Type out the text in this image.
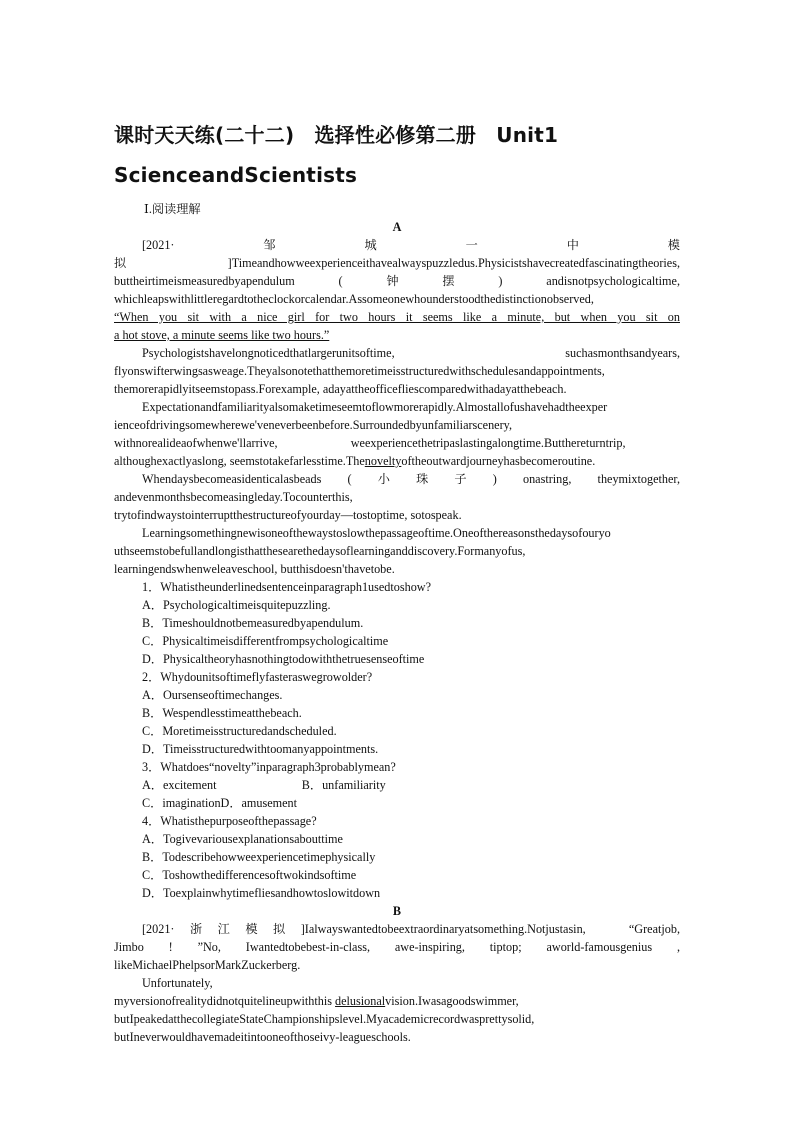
课时天天练(二十二)　选择性必修第二册　Unit1
ScienceandScientists
Ⅰ.阅读理解
A
[2021·　　　　邹　　　　城　　　　一　　　　中　　　　模
拟　　]Timeandhowweexperiencеithavealwayspuzzledus.Physicistshavecreatedfascinatingtheories,
buttheirtimeismeasuredbyapendulum　　(　　钟　　摆　　)　　andisnotpsychologicaltime,
whichleapswithlittleregardtotheclockorcalendar.Assomeonewhounderstoodthedistinctionobserved,
“When you sit with a nice girl for two hours it seems like a minute, but when you sit on
a hot stove, a minute seems like two hours.”
Psychologistshavelongnoticedthatlargerunitsoftime,　　　　　　　　suchasmonthsandyears,
flyonswifterwingsasweage.Theyalsonotethatthemoretimeisstructuredwithschedulesandappointments,
themorerapidlyitseemstopass.Forexample, adayattheofficefliescomparedwithadayatthebeach.
Expectationandfamiliarityalsomaketimeseemtoflowmorerapidly.Almostallofushavehadtheexper
ienceofdrivingsomewherewe'veneverbeenbefore.Surroundedbyunfamiliarscenery,
withnorealideaofwhenwe'llarrive,　　　　　　weexperiencethetripaslastingalongtime.Butthereturntrip,
althoughexactlyaslong, seemstotakefarlesstime.Thenoveltyoftheoutwardjourneyhasbecomeroutine.
Whendaysbecomeasidenticalasbeads　　(　　小　　珠　　子　　)　　onastring,　　theymixtogether,
andevenmonthsbecomeasingleday.Tocounterthis,
trytofindwaystointerruptthestructureofyourday—tostoptime, sotospeak.
Learningsomethingnewisoneofthewaystoslowthepassageoftime.Oneofthereasonsthedaysofouryo
uthseemstobefullandlongisthatthesearethedaysoflearninganddiscovery.Formanyofus,
learningendswhenweleaveschool, butthisdoesn'thavetobe.
1．Whatistheunderlinedsentenceinparagraph1usedtoshow?
A．Psychologicaltimeisquitepuzzling.
B．Timeshouldnotbemeasuredbyapendulum.
C．Physicaltimeisdifferentfrompsychologicaltime
D．Physicaltheoryhasnothingtodowiththetruesenseoftime
2．Whydounitsoftimeflyfasteraswegrowolder?
A．Oursenseoftimechanges.
B．Wespendlesstimeatthebeach.
C．Moretimeisstructuredandscheduled.
D．Timeisstructuredwithtoomanyappointments.
3．Whatdoes“novelty”inparagraph3probablymean?
A．excitement　　　　　　　B．unfamiliarity
C．imaginationD．amusement
4．Whatisthepurposeofthepassage?
A．Togivevariousexplanationsabouttime
B．Todescribehowweexperiencetimephysically
C．Toshowthedifferencesoftwokindsoftime
D．Toexplainwhytimefliesandhowtoslowitdown
B
[2021·浙江模拟]Ialwayswantedtobeextraordinaryatsomething.Notjustasin,　“Greatjob,
Jimbo　!　”No,　Iwantedtobebest-in-class,　awe-inspiring,　tiptop;　aworld-famousgenius　,
likeMichaelPhelpsorMarkZuckerberg.
Unfortunately,
myversionofrealitydidnotquitelineupwiththis delusionalvision.Iwasagoodswimmer,
butIpeakedatthecollegiateStateChampionshipslevel.Myacademicrecordwasprettysolid,
butIneverwouldhavemadeitintooneofthoseivy-leagueschools.
